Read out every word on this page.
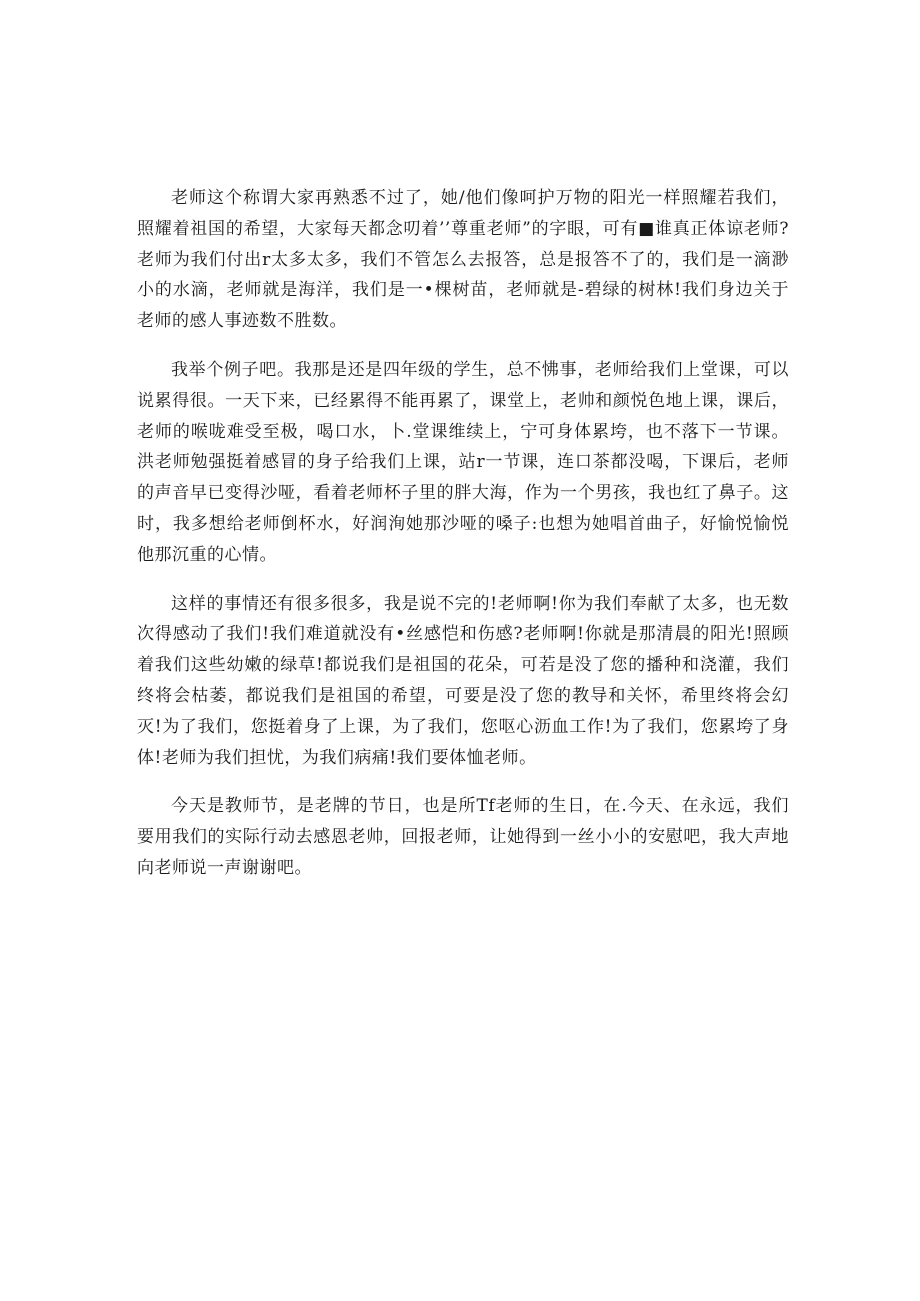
老师这个称谓大家再熟悉不过了，她/他们像呵护万物的阳光一样照耀若我们，照耀着祖国的希望，大家每天都念叨着’’尊重老师”的字眼，可有■谁真正体谅老师?老师为我们付出r太多太多，我们不管怎么去报答，总是报答不了的，我们是一滴渺小的水滴，老师就是海洋，我们是一•棵树苗，老师就是-碧绿的树林!我们身边关于老师的感人事迹数不胜数。

我举个例子吧。我那是还是四年级的学生，总不怫事，老师给我们上堂课，可以说累得很。一天下来，已经累得不能再累了，课堂上，老帅和颜悦色地上课，课后，老师的喉咙难受至极，喝口水，卜.堂课维续上，宁可身体累垮，也不落下一节课。洪老师勉强挺着感冒的身子给我们上课，站r一节课，连口茶都没喝，下课后，老师的声音早已变得沙哑，看着老师杯子里的胖大海，作为一个男孩，我也红了鼻子。这时，我多想给老师倒杯水，好润洵她那沙哑的嗓子:也想为她唱首曲子，好愉悦愉悦他那沉重的心情。

这样的事情还有很多很多，我是说不完的!老师啊!你为我们奉献了太多，也无数次得感动了我们!我们难道就没有•丝感恺和伤感?老师啊!你就是那清晨的阳光!照顾着我们这些幼嫩的绿草!都说我们是祖国的花朵，可若是没了您的播种和浇灌，我们终将会枯萎，都说我们是祖国的希望，可要是没了您的教导和关怀，希里终将会幻灭!为了我们，您挺着身了上课，为了我们，您呕心沥血工作!为了我们，您累垮了身体!老师为我们担忧，为我们病痛!我们要体恤老师。

今天是教师节，是老牌的节日，也是所Tf老师的生日，在.今天、在永远，我们要用我们的实际行动去感恩老帅，回报老师，让她得到一丝小小的安慰吧，我大声地向老师说一声谢谢吧。
